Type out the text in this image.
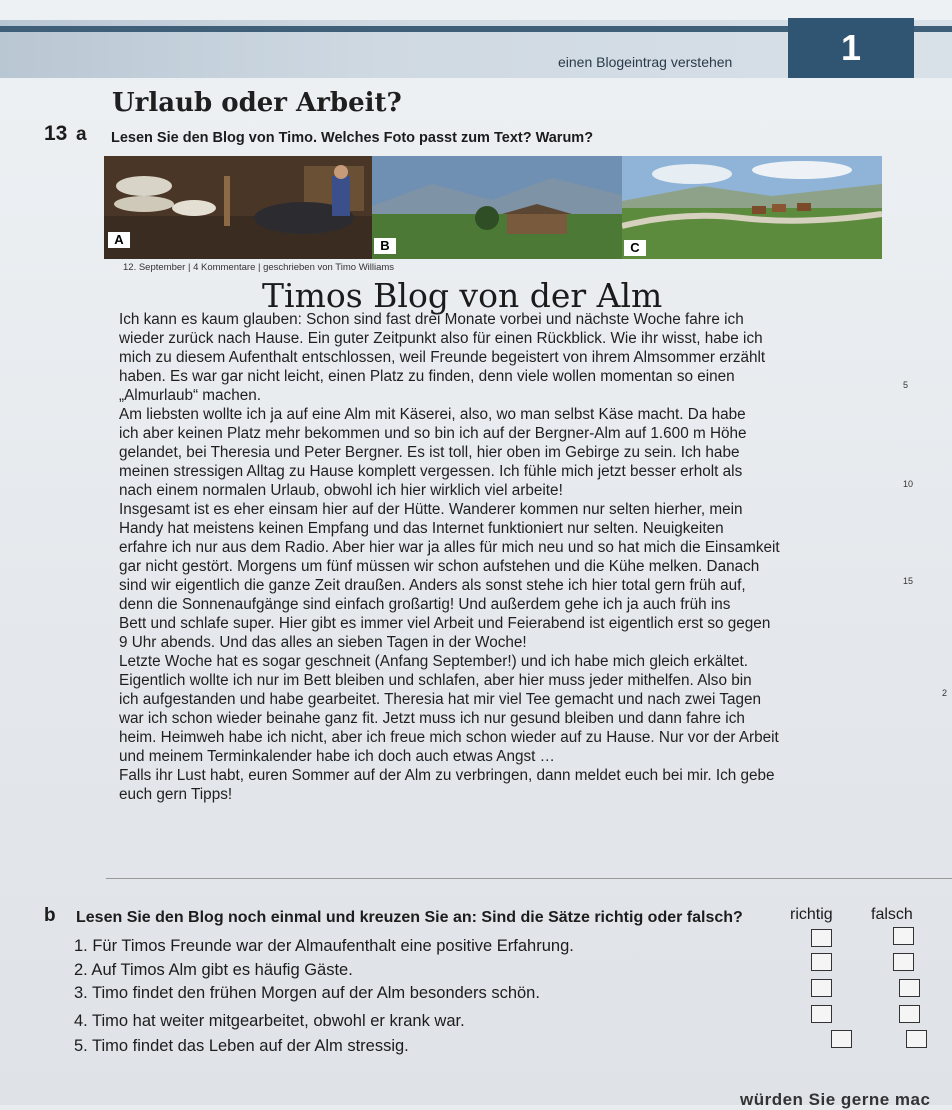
einen Blogeintrag verstehen	1
Urlaub oder Arbeit?
13 a Lesen Sie den Blog von Timo. Welches Foto passt zum Text? Warum?
A	B	C
12. September | 4 Kommentare | geschrieben von Timo Williams
Timos Blog von der Alm

Ich kann es kaum glauben: Schon sind fast drei Monate vorbei und nächste Woche fahre ich

wieder zurück nach Hause. Ein guter Zeitpunkt also für einen Rückblick. Wie ihr wisst, habe ich

mich zu diesem Aufenthalt entschlossen, weil Freunde begeistert von ihrem Almsommer erzählt

haben. Es war gar nicht leicht, einen Platz zu finden, denn viele wollen momentan so einen

„Almurlaub“ machen.

Am liebsten wollte ich ja auf eine Alm mit Käserei, also, wo man selbst Käse macht. Da habe

ich aber keinen Platz mehr bekommen und so bin ich auf der Bergner-Alm auf 1.600 m Höhe

gelandet, bei Theresia und Peter Bergner. Es ist toll, hier oben im Gebirge zu sein. Ich habe

meinen stressigen Alltag zu Hause komplett vergessen. Ich fühle mich jetzt besser erholt als

nach einem normalen Urlaub, obwohl ich hier wirklich viel arbeite!

Insgesamt ist es eher einsam hier auf der Hütte. Wanderer kommen nur selten hierher, mein

Handy hat meistens keinen Empfang und das Internet funktioniert nur selten. Neuigkeiten

erfahre ich nur aus dem Radio. Aber hier war ja alles für mich neu und so hat mich die Einsamkeit

gar nicht gestört. Morgens um fünf müssen wir schon aufstehen und die Kühe melken. Danach

sind wir eigentlich die ganze Zeit draußen. Anders als sonst stehe ich hier total gern früh auf,

denn die Sonnenaufgänge sind einfach großartig! Und außerdem gehe ich ja auch früh ins

Bett und schlafe super. Hier gibt es immer viel Arbeit und Feierabend ist eigentlich erst so gegen

9 Uhr abends. Und das alles an sieben Tagen in der Woche!

Letzte Woche hat es sogar geschneit (Anfang September!) und ich habe mich gleich erkältet.

Eigentlich wollte ich nur im Bett bleiben und schlafen, aber hier muss jeder mithelfen. Also bin

ich aufgestanden und habe gearbeitet. Theresia hat mir viel Tee gemacht und nach zwei Tagen

war ich schon wieder beinahe ganz fit. Jetzt muss ich nur gesund bleiben und dann fahre ich

heim. Heimweh habe ich nicht, aber ich freue mich schon wieder auf zu Hause. Nur vor der Arbeit

und meinem Terminkalender habe ich doch auch etwas Angst …

Falls ihr Lust habt, euren Sommer auf der Alm zu verbringen, dann meldet euch bei mir. Ich gebe

euch gern Tipps!

5
10
15
2
b Lesen Sie den Blog noch einmal und kreuzen Sie an: Sind die Sätze richtig oder falsch?	richtig falsch
1. Für Timos Freunde war der Almaufenthalt eine positive Erfahrung.
2. Auf Timos Alm gibt es häufig Gäste.
3. Timo findet den frühen Morgen auf der Alm besonders schön.
4. Timo hat weiter mitgearbeitet, obwohl er krank war.
5. Timo findet das Leben auf der Alm stressig.
würden Sie gerne mac
